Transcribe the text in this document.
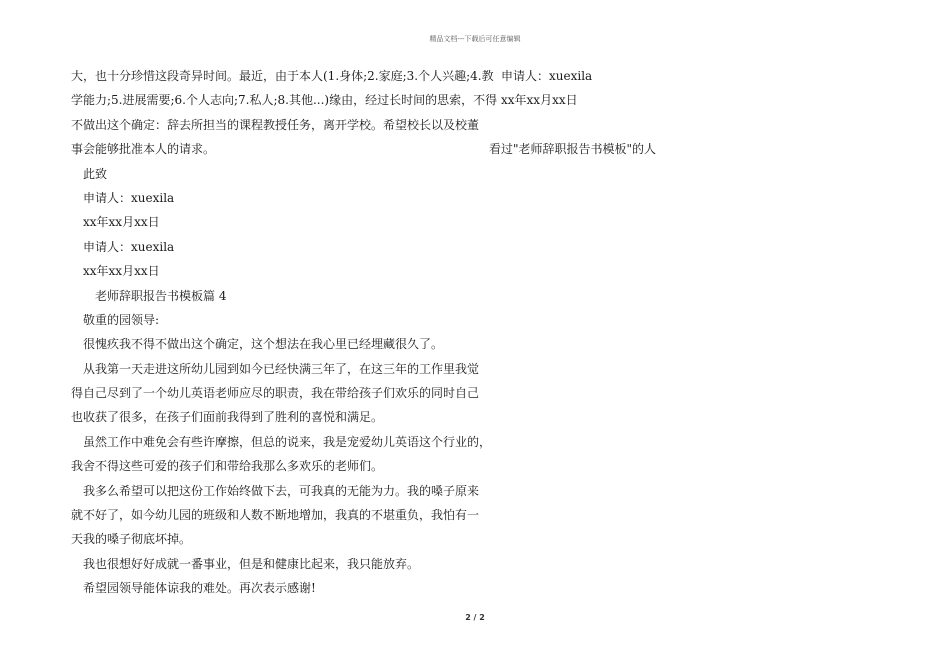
精品文档---下载后可任意编辑
大，也十分珍惜这段奇异时间。最近，由于本人(1.身体;2.家庭;3.个人兴趣;4.教
学能力;5.进展需要;6.个人志向;7.私人;8.其他...)缘由，经过长时间的思索，不得
不做出这个确定：辞去所担当的课程教授任务，离开学校。希望校长以及校董
事会能够批准本人的请求。
此致
申请人：xuexila
xx年xx月xx日
申请人：xuexila
xx年xx月xx日
老师辞职报告书模板篇 4
敬重的园领导:
很愧疚我不得不做出这个确定，这个想法在我心里已经埋藏很久了。
从我第一天走进这所幼儿园到如今已经快满三年了，在这三年的工作里我觉
得自己尽到了一个幼儿英语老师应尽的职责，我在带给孩子们欢乐的同时自己
也收获了很多，在孩子们面前我得到了胜利的喜悦和满足。
虽然工作中难免会有些许摩擦，但总的说来，我是宠爱幼儿英语这个行业的，
我舍不得这些可爱的孩子们和带给我那么多欢乐的老师们。
我多么希望可以把这份工作始终做下去，可我真的无能为力。我的嗓子原来
就不好了，如今幼儿园的班级和人数不断地增加，我真的不堪重负，我怕有一
天我的嗓子彻底坏掉。
我也很想好好成就一番事业，但是和健康比起来，我只能放弃。
希望园领导能体谅我的难处。再次表示感谢!
申请人：xuexila
xx年xx月xx日
看过"老师辞职报告书模板"的人
2 / 2
